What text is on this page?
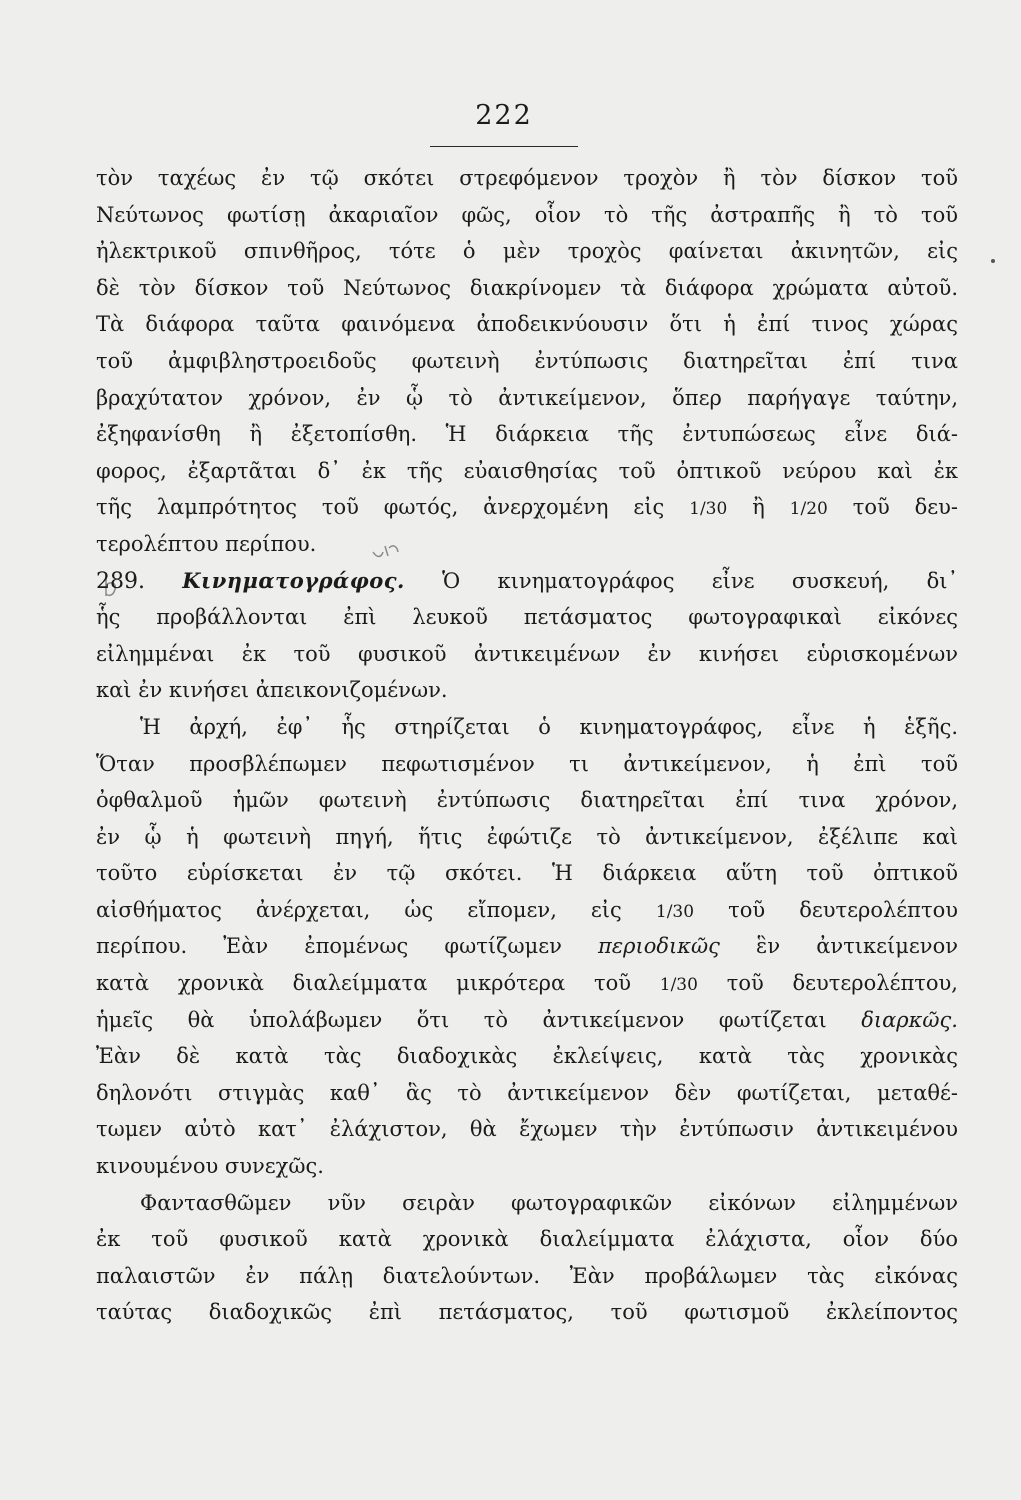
222
τὸν ταχέως ἐν τῷ σκότει στρεφόμενον τροχὸν ἢ τὸν δίσκον τοῦ
Νεύτωνος φωτίσῃ ἀκαριαῖον φῶς, οἷον τὸ τῆς ἀστραπῆς ἢ τὸ τοῦ
ἠλεκτρικοῦ σπινθῆρος, τότε ὁ μὲν τροχὸς φαίνεται ἀκινητῶν, εἰς
δὲ τὸν δίσκον τοῦ Νεύτωνος διακρίνομεν τὰ διάφορα χρώματα αὐτοῦ.
Τὰ διάφορα ταῦτα φαινόμενα ἀποδεικνύουσιν ὅτι ἡ ἐπί τινος χώρας
τοῦ ἀμφιβληστροειδοῦς φωτεινὴ ἐντύπωσις διατηρεῖται ἐπί τινα
βραχύτατον χρόνον, ἐν ᾧ τὸ ἀντικείμενον, ὅπερ παρήγαγε ταύτην,
ἐξηφανίσθη ἢ ἐξετοπίσθη. Ἡ διάρκεια τῆς ἐντυπώσεως εἶνε διά-
φορος, ἐξαρτᾶται δ᾽ ἐκ τῆς εὐαισθησίας τοῦ ὀπτικοῦ νεύρου καὶ ἐκ
τῆς λαμπρότητος τοῦ φωτός, ἀνερχομένη εἰς 1/30 ἢ 1/20 τοῦ δευ-
τερολέπτου περίπου.
289. Κινηματογράφος. Ὁ κινηματογράφος εἶνε συσκευή, δι᾽
ἧς προβάλλονται ἐπὶ λευκοῦ πετάσματος φωτογραφικαὶ εἰκόνες
εἰλημμέναι ἐκ τοῦ φυσικοῦ ἀντικειμένων ἐν κινήσει εὑρισκομένων
καὶ ἐν κινήσει ἀπεικονιζομένων.
Ἡ ἀρχή, ἐφ᾽ ἧς στηρίζεται ὁ κινηματογράφος, εἶνε ἡ ἑξῆς.
Ὅταν προσβλέπωμεν πεφωτισμένον τι ἀντικείμενον, ἡ ἐπὶ τοῦ
ὀφθαλμοῦ ἡμῶν φωτεινὴ ἐντύπωσις διατηρεῖται ἐπί τινα χρόνον,
ἐν ᾧ ἡ φωτεινὴ πηγή, ἥτις ἐφώτιζε τὸ ἀντικείμενον, ἐξέλιπε καὶ
τοῦτο εὑρίσκεται ἐν τῷ σκότει. Ἡ διάρκεια αὕτη τοῦ ὀπτικοῦ
αἰσθήματος ἀνέρχεται, ὡς εἴπομεν, εἰς 1/30 τοῦ δευτερολέπτου
περίπου. Ἐὰν ἐπομένως φωτίζωμεν περιοδικῶς ἓν ἀντικείμενον
κατὰ χρονικὰ διαλείμματα μικρότερα τοῦ 1/30 τοῦ δευτερολέπτου,
ἡμεῖς θὰ ὑπολάβωμεν ὅτι τὸ ἀντικείμενον φωτίζεται διαρκῶς.
Ἐὰν δὲ κατὰ τὰς διαδοχικὰς ἐκλείψεις, κατὰ τὰς χρονικὰς
δηλονότι στιγμὰς καθ᾽ ἃς τὸ ἀντικείμενον δὲν φωτίζεται, μεταθέ-
τωμεν αὐτὸ κατ᾽ ἐλάχιστον, θὰ ἔχωμεν τὴν ἐντύπωσιν ἀντικειμένου
κινουμένου συνεχῶς.
Φαντασθῶμεν νῦν σειρὰν φωτογραφικῶν εἰκόνων εἰλημμένων
ἐκ τοῦ φυσικοῦ κατὰ χρονικὰ διαλείμματα ἐλάχιστα, οἷον δύο
παλαιστῶν ἐν πάλῃ διατελούντων. Ἐὰν προβάλωμεν τὰς εἰκόνας
ταύτας διαδοχικῶς ἐπὶ πετάσματος, τοῦ φωτισμοῦ ἐκλείποντος
